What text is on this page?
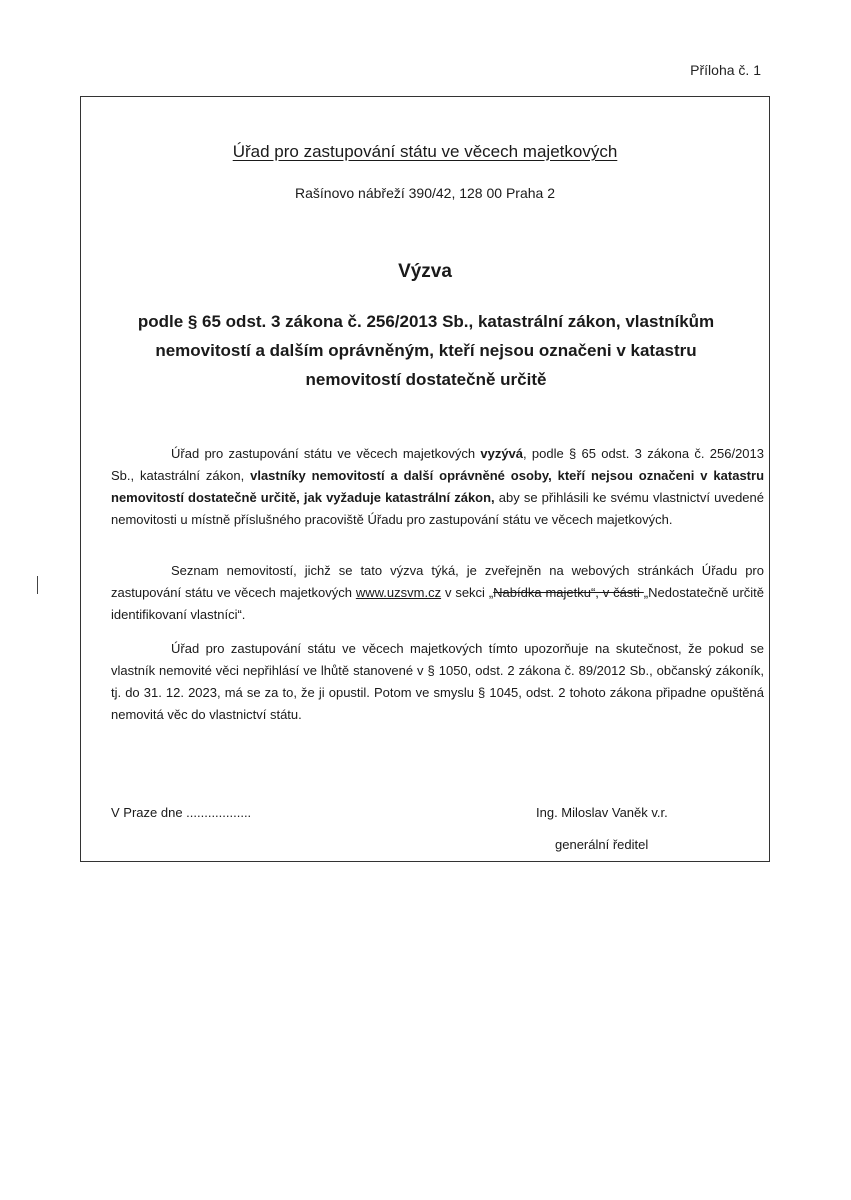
Příloha č. 1
Úřad pro zastupování státu ve věcech majetkových
Rašínovo nábřeží 390/42, 128 00 Praha 2
Výzva
podle § 65 odst. 3 zákona č. 256/2013 Sb., katastrální zákon, vlastníkům nemovitostí a dalším oprávněným, kteří nejsou označeni v katastru nemovitostí dostatečně určitě
Úřad pro zastupování státu ve věcech majetkových vyzývá, podle § 65 odst. 3 zákona č. 256/2013 Sb., katastrální zákon, vlastníky nemovitostí a další oprávněné osoby, kteří nejsou označeni v katastru nemovitostí dostatečně určitě, jak vyžaduje katastrální zákon, aby se přihlásili ke svému vlastnictví uvedené nemovitosti u místně příslušného pracoviště Úřadu pro zastupování státu ve věcech majetkových.
Seznam nemovitostí, jichž se tato výzva týká, je zveřejněn na webových stránkách Úřadu pro zastupování státu ve věcech majetkových www.uzsvm.cz v sekci „Nabídka majetku“, v části „Nedostatečně určitě identifikovaní vlastníci“.
Úřad pro zastupování státu ve věcech majetkových tímto upozorňuje na skutečnost, že pokud se vlastník nemovité věci nepřihlásí ve lhůtě stanovené v § 1050, odst. 2 zákona č. 89/2012 Sb., občanský zákoník, tj. do 31. 12. 2023, má se za to, že ji opustil. Potom ve smyslu § 1045, odst. 2 tohoto zákona připadne opuštěná nemovitá věc do vlastnictví státu.
V Praze dne ..................	Ing. Miloslav Vaněk v.r.
generální ředitel
